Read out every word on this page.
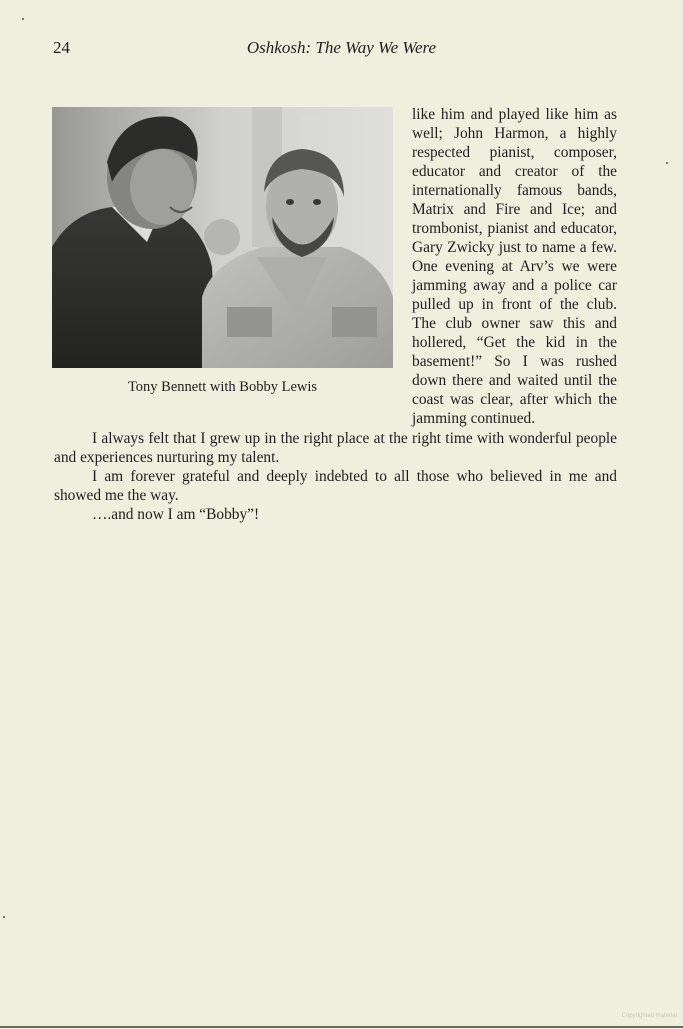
24	Oshkosh: The Way We Were
Tony Bennett with Bobby Lewis

like him and played like him as well; John Harmon, a highly respected pianist, composer, educator and creator of the internationally famous bands, Matrix and Fire and Ice; and trombonist, pianist and educator, Gary Zwicky just to name a few. One evening at Arv’s we were jamming away and a police car pulled up in front of the club. The club owner saw this and hollered, “Get the kid in the basement!” So I was rushed down there and waited until the coast was clear, after which the jamming continued.

I always felt that I grew up in the right place at the right time with wonderful people and experiences nurturing my talent.

I am forever grateful and deeply indebted to all those who believed in me and showed me the way.

….and now I am “Bobby”!

Copyrighted material
